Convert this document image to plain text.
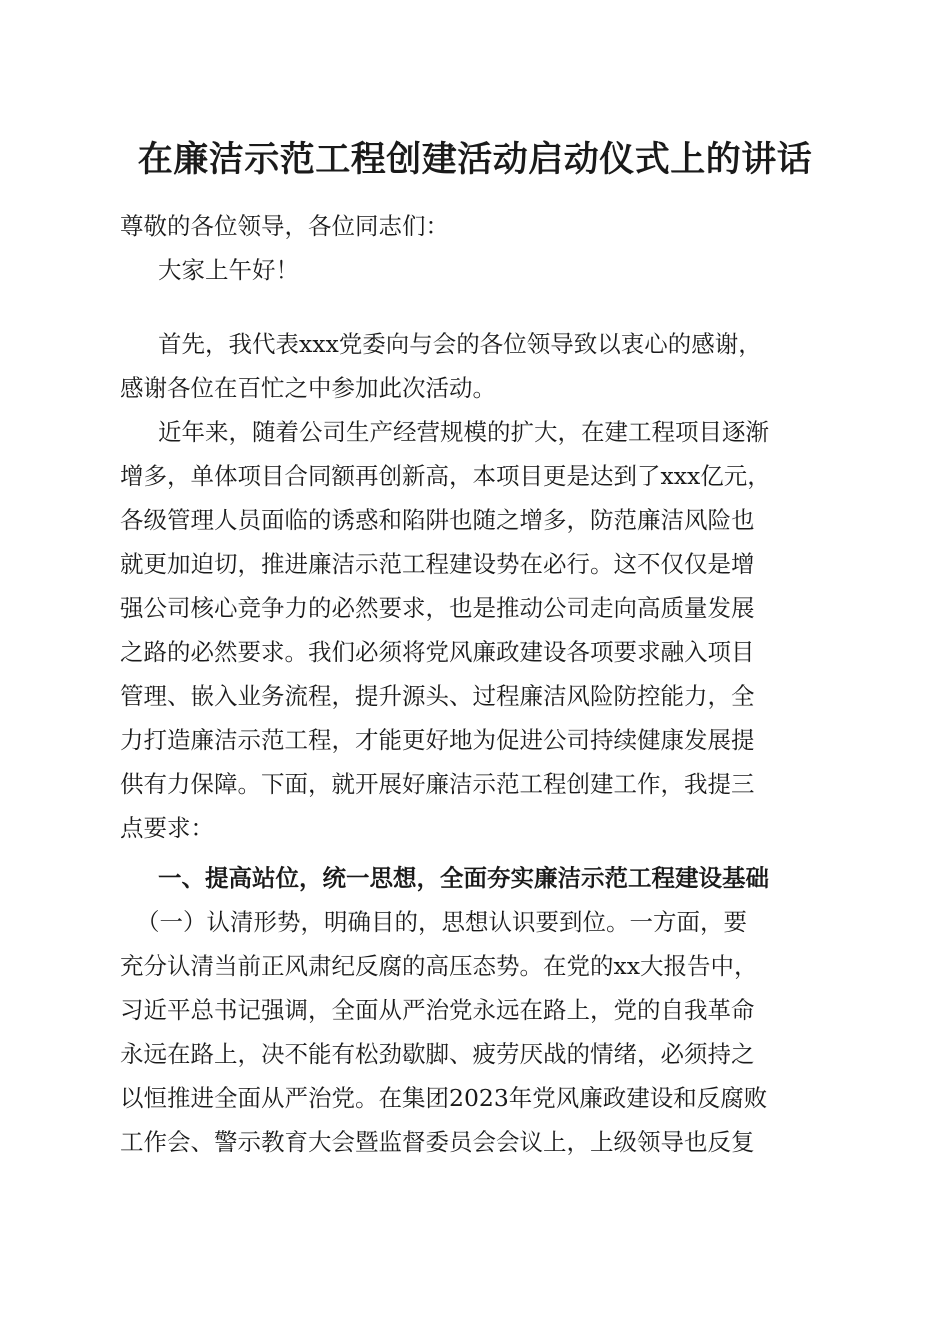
在廉洁示范工程创建活动启动仪式上的讲话

尊敬的各位领导，各位同志们：

大家上午好！

首先，我代表xxx党委向与会的各位领导致以衷心的感谢，

感谢各位在百忙之中参加此次活动。

近年来，随着公司生产经营规模的扩大，在建工程项目逐渐

增多，单体项目合同额再创新高，本项目更是达到了xxx亿元，

各级管理人员面临的诱惑和陷阱也随之增多，防范廉洁风险也

就更加迫切，推进廉洁示范工程建设势在必行。这不仅仅是增

强公司核心竞争力的必然要求，也是推动公司走向高质量发展

之路的必然要求。我们必须将党风廉政建设各项要求融入项目

管理、嵌入业务流程，提升源头、过程廉洁风险防控能力，全

力打造廉洁示范工程，才能更好地为促进公司持续健康发展提

供有力保障。下面，就开展好廉洁示范工程创建工作，我提三

点要求：

一、提高站位，统一思想，全面夯实廉洁示范工程建设基础

（一）认清形势，明确目的，思想认识要到位。一方面，要

充分认清当前正风肃纪反腐的高压态势。在党的xx大报告中，

习近平总书记强调，全面从严治党永远在路上，党的自我革命

永远在路上，决不能有松劲歇脚、疲劳厌战的情绪，必须持之

以恒推进全面从严治党。在集团2023年党风廉政建设和反腐败

工作会、警示教育大会暨监督委员会会议上，上级领导也反复
